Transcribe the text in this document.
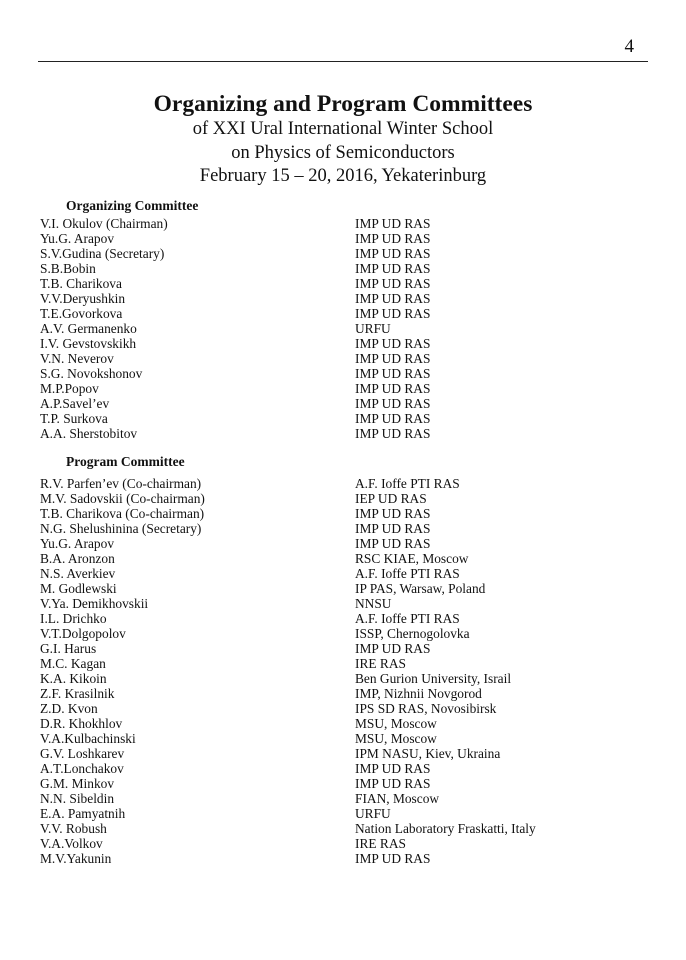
4
Organizing and Program Committees
of XXI Ural International Winter School
on Physics of Semiconductors
February 15 – 20, 2016, Yekaterinburg
Organizing Committee
V.I. Okulov (Chairman)	IMP UD RAS
Yu.G. Arapov	IMP UD RAS
S.V.Gudina (Secretary)	IMP UD RAS
S.B.Bobin	IMP UD RAS
T.B. Charikova	IMP UD RAS
V.V.Deryushkin	IMP UD RAS
T.E.Govorkova	IMP UD RAS
A.V. Germanenko	URFU
I.V. Gevstovskikh	IMP UD RAS
V.N. Neverov	IMP UD RAS
S.G. Novokshonov	IMP UD RAS
M.P.Popov	IMP UD RAS
A.P.Savel’ev	IMP UD RAS
T.P. Surkova	IMP UD RAS
A.A. Sherstobitov	IMP UD RAS
Program Committee
R.V. Parfen’ev (Co-chairman)	A.F. Ioffe PTI RAS
M.V. Sadovskii (Co-chairman)	IEP UD RAS
T.B. Charikova (Co-chairman)	IMP UD RAS
N.G. Shelushinina (Secretary)	IMP UD RAS
Yu.G. Arapov	IMP UD RAS
B.A. Aronzon	RSC KIAE, Moscow
N.S. Averkiev	A.F. Ioffe PTI RAS
M. Godlewski	IP PAS, Warsaw, Poland
V.Ya. Demikhovskii	NNSU
I.L. Drichko	A.F. Ioffe PTI RAS
V.T.Dolgopolov	ISSP, Chernogolovka
G.I. Harus	IMP UD RAS
M.C. Kagan	IRE RAS
K.A. Kikoin	Ben Gurion University, Israil
Z.F. Krasilnik	IMP, Nizhnii Novgorod
Z.D. Kvon	IPS SD RAS, Novosibirsk
D.R. Khokhlov	MSU, Moscow
V.A.Kulbachinski	MSU, Moscow
G.V. Loshkarev	IPM NASU, Kiev, Ukraina
A.T.Lonchakov	IMP UD RAS
G.M. Minkov	IMP UD RAS
N.N. Sibeldin	FIAN, Moscow
E.A. Pamyatnih	URFU
V.V. Robush	Nation Laboratory Fraskatti, Italy
V.A.Volkov	IRE RAS
M.V.Yakunin	IMP UD RAS
